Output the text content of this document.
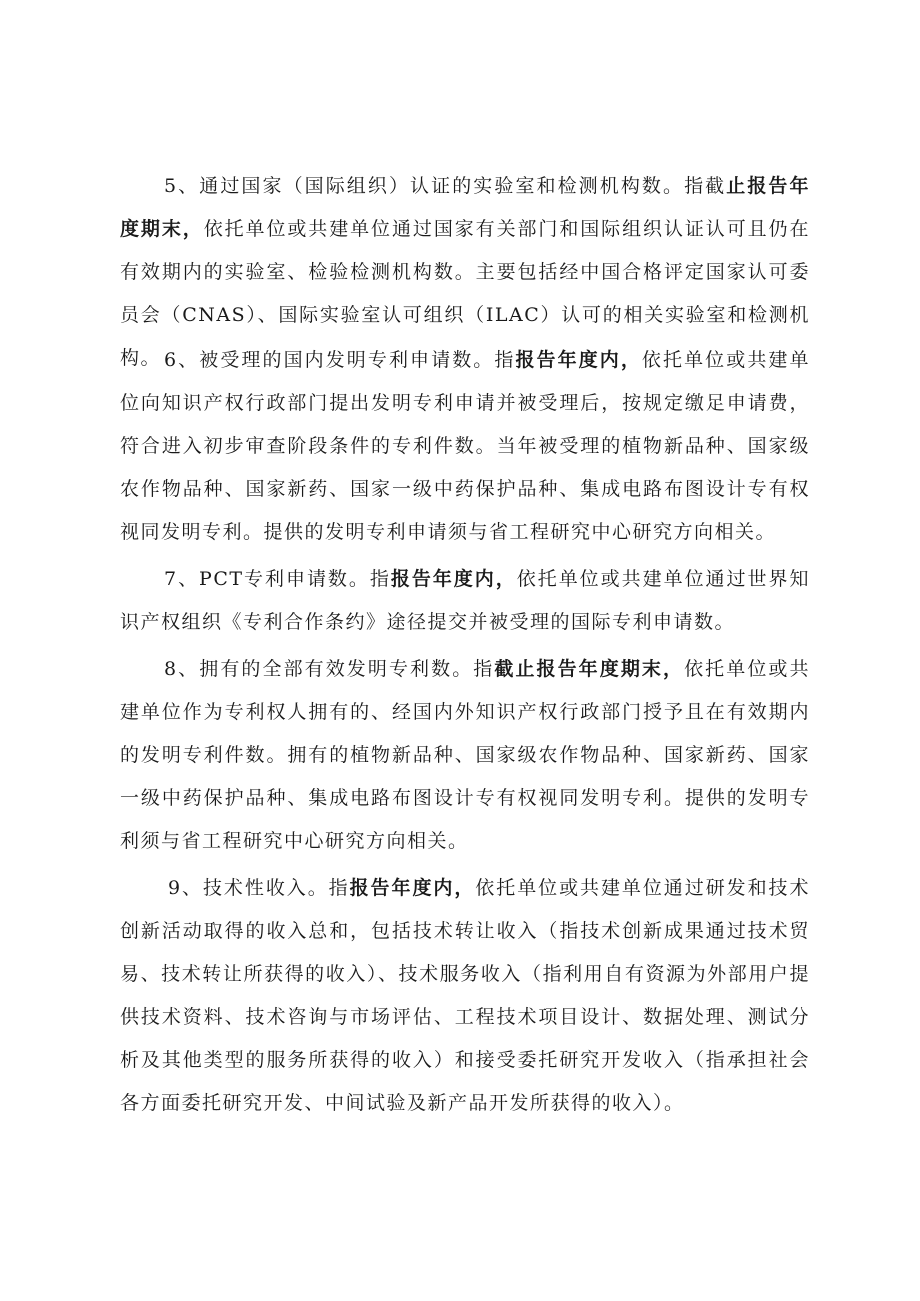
5、通过国家（国际组织）认证的实验室和检测机构数。指截止报告年度期末，依托单位或共建单位通过国家有关部门和国际组织认证认可且仍在有效期内的实验室、检验检测机构数。主要包括经中国合格评定国家认可委员会（CNAS）、国际实验室认可组织（ILAC）认可的相关实验室和检测机构。 6、被受理的国内发明专利申请数。指报告年度内，依托单位或共建单位向知识产权行政部门提出发明专利申请并被受理后，按规定缴足申请费，符合进入初步审查阶段条件的专利件数。当年被受理的植物新品种、国家级农作物品种、国家新药、国家一级中药保护品种、集成电路布图设计专有权视同发明专利。提供的发明专利申请须与省工程研究中心研究方向相关。

7、PCT专利申请数。指报告年度内，依托单位或共建单位通过世界知识产权组织《专利合作条约》途径提交并被受理的国际专利申请数。

8、拥有的全部有效发明专利数。指截止报告年度期末，依托单位或共建单位作为专利权人拥有的、经国内外知识产权行政部门授予且在有效期内的发明专利件数。拥有的植物新品种、国家级农作物品种、国家新药、国家一级中药保护品种、集成电路布图设计专有权视同发明专利。提供的发明专利须与省工程研究中心研究方向相关。

9、技术性收入。指报告年度内，依托单位或共建单位通过研发和技术创新活动取得的收入总和，包括技术转让收入（指技术创新成果通过技术贸易、技术转让所获得的收入）、技术服务收入（指利用自有资源为外部用户提供技术资料、技术咨询与市场评估、工程技术项目设计、数据处理、测试分析及其他类型的服务所获得的收入）和接受委托研究开发收入（指承担社会各方面委托研究开发、中间试验及新产品开发所获得的收入）。
